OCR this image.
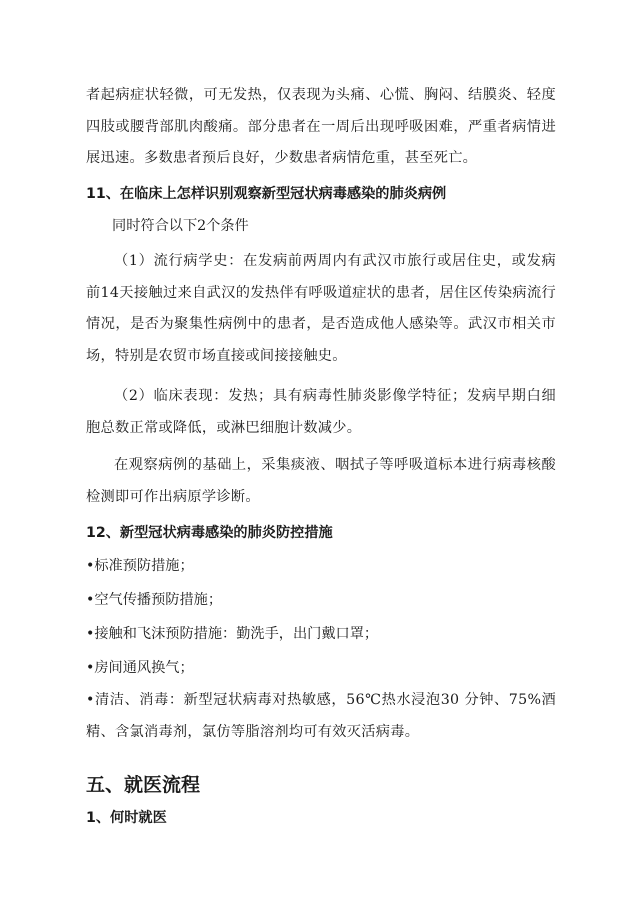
者起病症状轻微，可无发热，仅表现为头痛、心慌、胸闷、结膜炎、轻度四肢或腰背部肌肉酸痛。部分患者在一周后出现呼吸困难，严重者病情进展迅速。多数患者预后良好，少数患者病情危重，甚至死亡。

11、在临床上怎样识别观察新型冠状病毒感染的肺炎病例

同时符合以下2个条件

（1）流行病学史：在发病前两周内有武汉市旅行或居住史，或发病前14天接触过来自武汉的发热伴有呼吸道症状的患者，居住区传染病流行情况，是否为聚集性病例中的患者，是否造成他人感染等。武汉市相关市场，特别是农贸市场直接或间接接触史。

（2）临床表现：发热；具有病毒性肺炎影像学特征；发病早期白细胞总数正常或降低，或淋巴细胞计数减少。

在观察病例的基础上，采集痰液、咽拭子等呼吸道标本进行病毒核酸检测即可作出病原学诊断。

12、新型冠状病毒感染的肺炎防控措施

•标准预防措施；

•空气传播预防措施；

•接触和飞沫预防措施：勤洗手，出门戴口罩；

•房间通风换气；

•清洁、消毒：新型冠状病毒对热敏感，56℃热水浸泡30 分钟、75%酒精、含氯消毒剂，氯仿等脂溶剂均可有效灭活病毒。

五、就医流程
1、何时就医
